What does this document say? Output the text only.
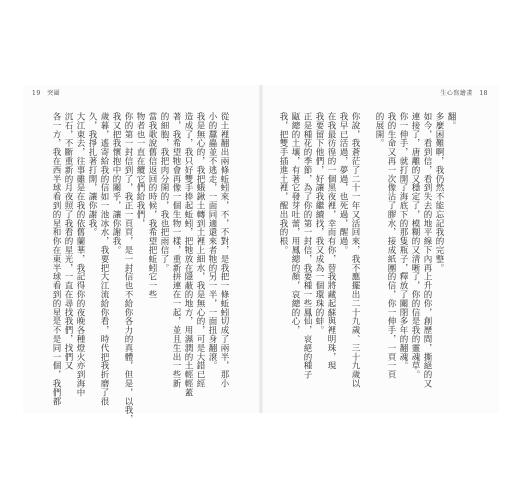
19 突圍	生心寫繪畫 18

翻。

多麼困難啊，我仍然不能忘記我的完整。

如今，看到信，看到失去的地平線下內再上升的你，創歷間，撕絕的又

連接了，唐離的又穩定了，模糊的又清晰了，你的信是我的靈魂草。

你一伸手，就打開了海底下的那隻瓶子，釋放了關閉多年的翻魂。

我的生命又再一次像沾了膠水，接成紙團的信，你一伸手，一頁一頁

的展開。

你說，我蒼茫了二十一年又活回來，我不應擺出二十九歲、三十九歲以

我早已活過，夢過，也死過，醒過。

在我最彷徨的一個黑夜裡，幸而有你，替我將藏起蘇與裡明珠，現

我要留下他們，好讓我繼續找，我又成為一個環珠的蚌。

正是種花的季節，為了你的第一封信，我要種一些鳳仙，哀絕的種子

甌總的土壤，有著它發芽吐蕾，用鳳總的顏，哀總的心，

我，把雙手插進土裡，醒出我的根。

從土裡翻出兩條蚯蚓來，不，不對，是我把一條蚯蚓切成了兩半，那小

小的蠶蟲並不逃走，一面同適還來者牠的另一半，一面扭身翻滾。

我是無心的，我把蛾鍬土轉到土裡上細水，我是無心的，可是大錯已經

造成了，我只好雙手捧起蚯蚓，把牠放在隱蔽的地方，用濕潤的土輕輕蓋

著，我希望牠會再像一個生物一樣，重新拼連在一起，並且生出一些新

的細胞，我把肉分開的，我也把雨信了。

當我歌說舊信返回的時候，我希望把蚯蚓它一些

物者也一直在纜它們給我們，

你的第一封信到了，我正一頁頁，是一封信也不給你各力的真體，但是，以我，

我又把我懷抱中的關乎，讓你謝我。

歲暮，遙寄給我的信如一池冰水，我要把大江流給你看，時代把我折磨了很

久，我掙扎著打開，讓你謝我。

大江東去，往事雖是在我的依舊蘭華，我記得你的夜晚各種燈火亦到海中

沉石，不斷重新的月夜照了我看的星光，一直在尋找我們，找們又

各一方，我在西半球看到的星和你在東半球看到的星是不是同一個，我們都
